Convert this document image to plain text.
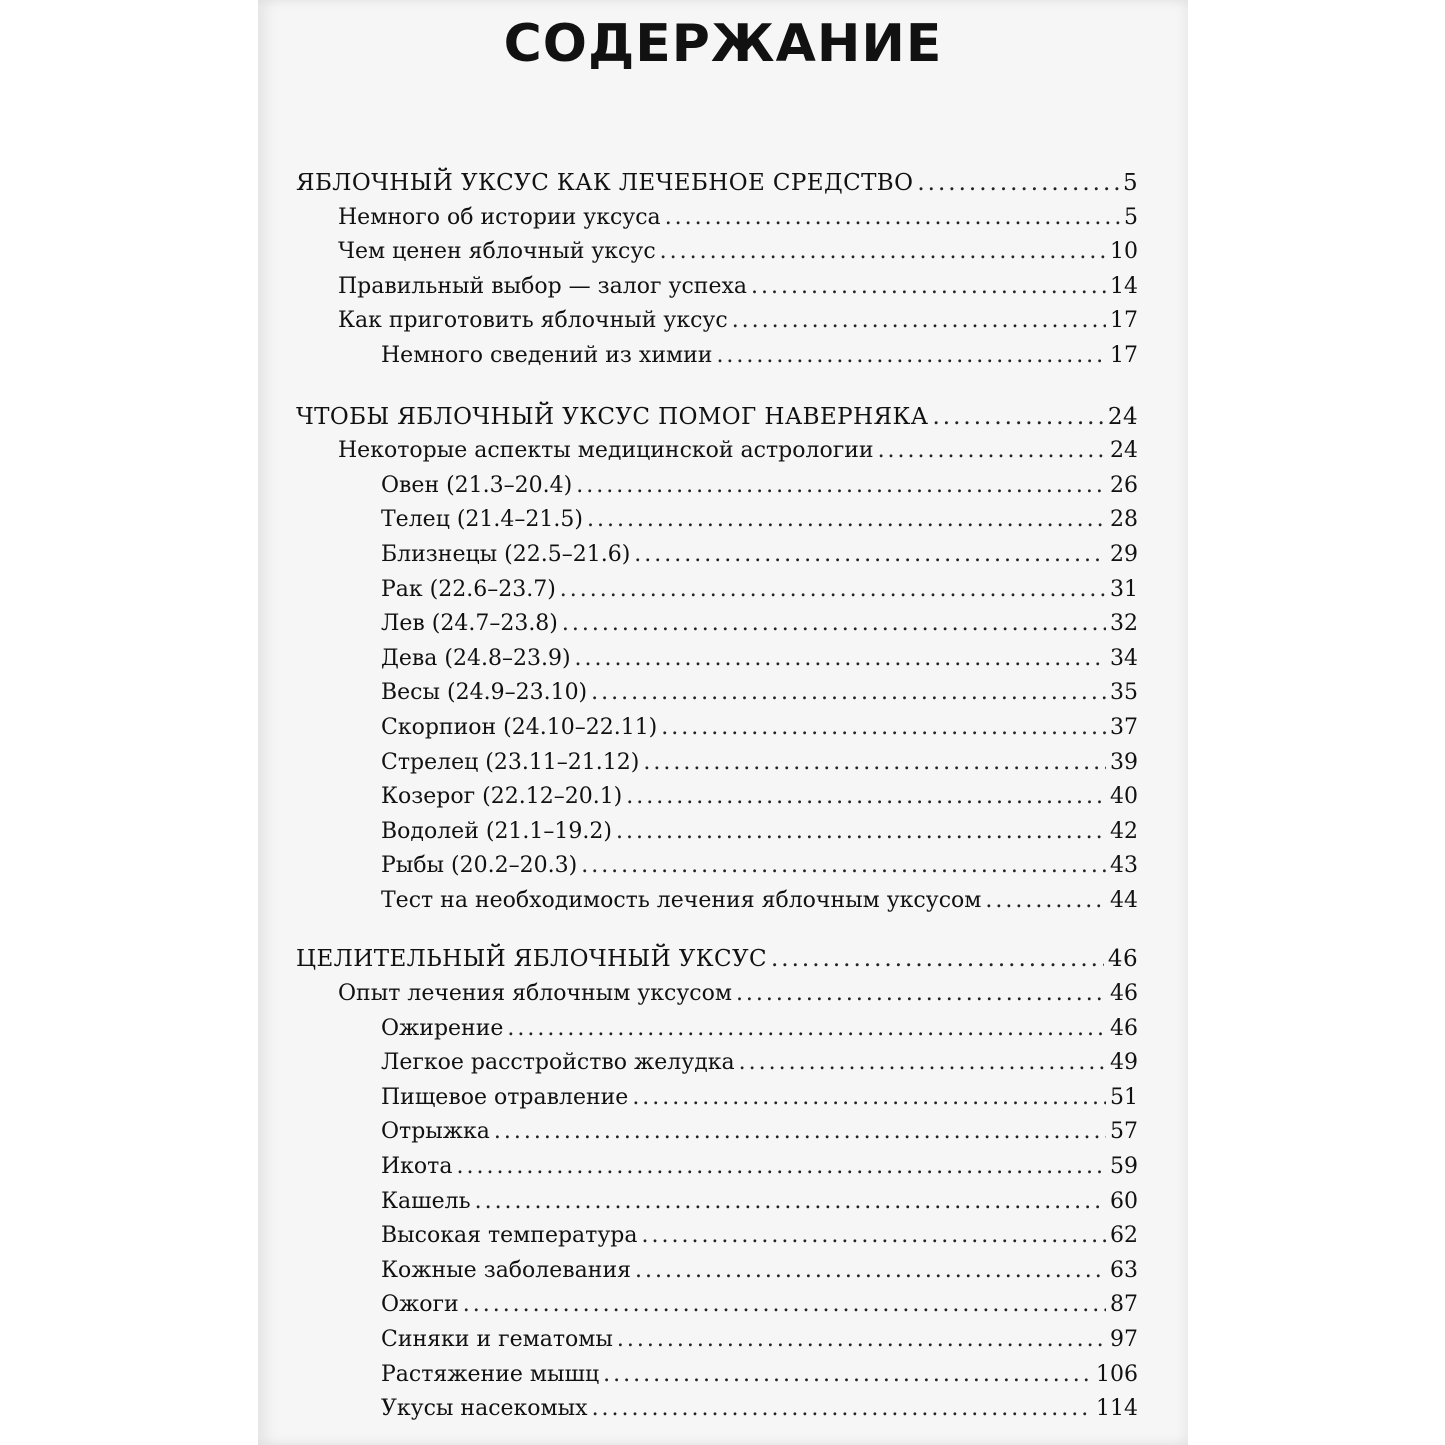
СОДЕРЖАНИЕ
ЯБЛОЧНЫЙ УКСУС КАК ЛЕЧЕБНОЕ СРЕДСТВО .....	5
Немного об истории уксуса .....	5
Чем ценен яблочный уксус .....	10
Правильный выбор — залог успеха .....	14
Как приготовить яблочный уксус .....	17
Немного сведений из химии .....	17
ЧТОБЫ ЯБЛОЧНЫЙ УКСУС ПОМОГ НАВЕРНЯКА .....	24
Некоторые аспекты медицинской астрологии .....	24
Овен (21.3–20.4) .....	26
Телец (21.4–21.5) .....	28
Близнецы (22.5–21.6) .....	29
Рак (22.6–23.7) .....	31
Лев (24.7–23.8) .....	32
Дева (24.8–23.9) .....	34
Весы (24.9–23.10) .....	35
Скорпион (24.10–22.11) .....	37
Стрелец (23.11–21.12) .....	39
Козерог (22.12–20.1) .....	40
Водолей (21.1–19.2) .....	42
Рыбы (20.2–20.3) .....	43
Тест на необходимость лечения яблочным уксусом .....	44
ЦЕЛИТЕЛЬНЫЙ ЯБЛОЧНЫЙ УКСУС .....	46
Опыт лечения яблочным уксусом .....	46
Ожирение .....	46
Легкое расстройство желудка .....	49
Пищевое отравление .....	51
Отрыжка .....	57
Икота .....	59
Кашель .....	60
Высокая температура .....	62
Кожные заболевания .....	63
Ожоги .....	87
Синяки и гематомы .....	97
Растяжение мышц .....	106
Укусы насекомых .....	114
